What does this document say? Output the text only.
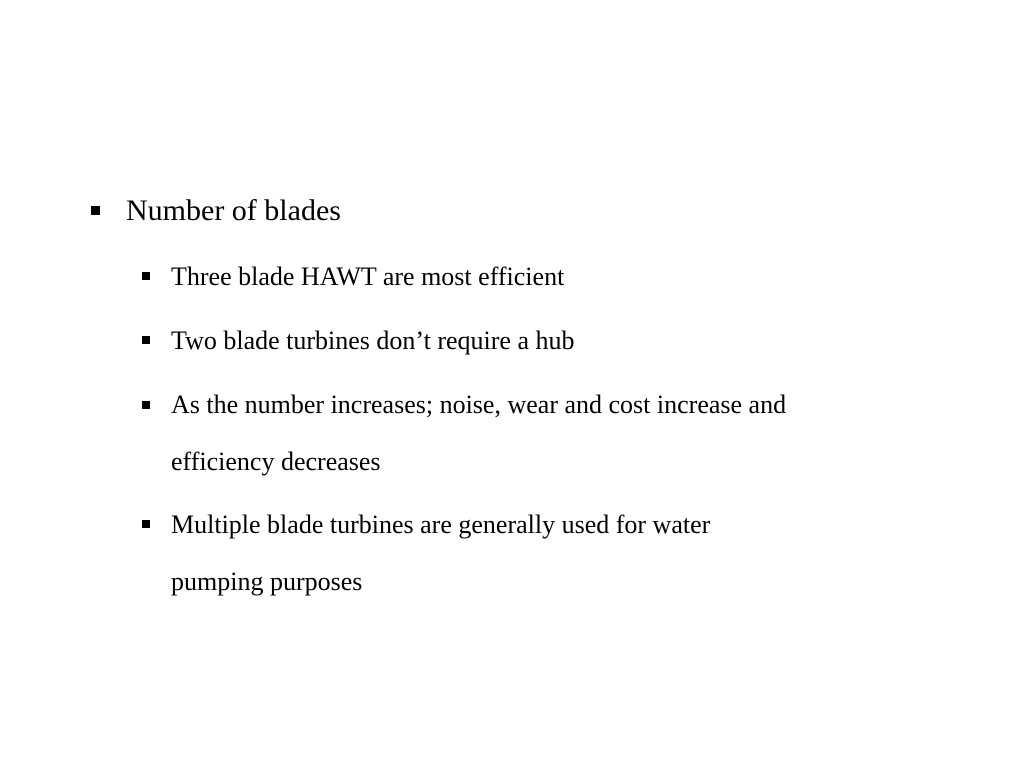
Number of blades
Three blade HAWT are most efficient
Two blade turbines don’t require a hub
As the number increases; noise, wear and cost increase and
efficiency decreases
Multiple blade turbines are generally used for water
pumping purposes
